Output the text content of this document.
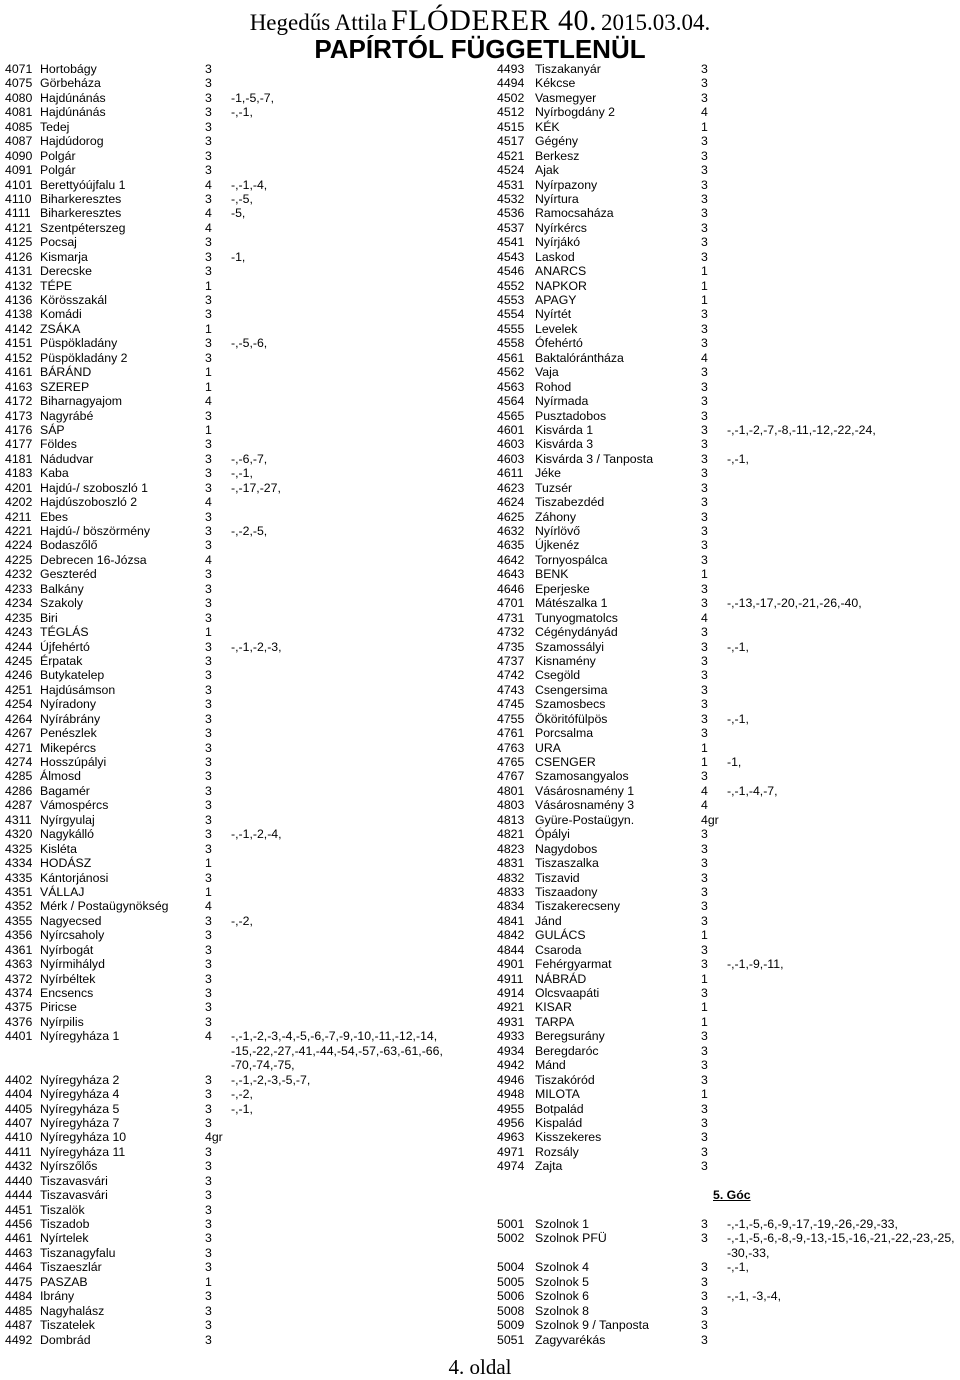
Hegedűs Attila FLÓDERER 40. 2015.03.04.
PAPÍRTÓL FÜGGETLENÜL
4071 Hortobágy	3
4075 Görbeháza	3
4080 Hajdúnánás	3 -1,-5,-7,
4081 Hajdúnánás	3 -,-1,
4085 Tedej	3
4087 Hajdúdorog	3
4090 Polgár	3
4091 Polgár	3
4101 Berettyóújfalu 1	4 -,-1,-4,
4110 Biharkeresztes	3 -,-5,
4111 Biharkeresztes	4 -5,
4121 Szentpéterszeg	4
4125 Pocsaj	3
4126 Kismarja	3 -1,
4131 Derecske	3
4132 TÉPE	1
4136 Körösszakál	3
4138 Komádi	3
4142 ZSÁKA	1
4151 Püspökladány	3 -,-5,-6,
4152 Püspökladány 2	3
4161 BÁRÁND	1
4163 SZEREP	1
4172 Biharnagyajom	4
4173 Nagyrábé	3
4176 SÁP	1
4177 Földes	3
4181 Nádudvar	3 -,-6,-7,
4183 Kaba	3 -,-1,
4201 Hajdú-/ szoboszló 1	3 -,-17,-27,
4202 Hajdúszoboszló 2	4
4211 Ebes	3
4221 Hajdú-/ böszörmény	3 -,-2,-5,
4224 Bodaszőlő	3
4225 Debrecen 16-Józsa	4
4232 Geszteréd	3
4233 Balkány	3
4234 Szakoly	3
4235 Biri	3
4243 TÉGLÁS	1
4244 Újfehértó	3 -,-1,-2,-3,
4245 Érpatak	3
4246 Butykatelep	3
4251 Hajdúsámson	3
4254 Nyíradony	3
4264 Nyírábrány	3
4267 Penészlek	3
4271 Mikepércs	3
4274 Hosszúpályi	3
4285 Álmosd	3
4286 Bagamér	3
4287 Vámospércs	3
4311 Nyírgyulaj	3
4320 Nagykálló	3 -,-1,-2,-4,
4325 Kisléta	3
4334 HODÁSZ	1
4335 Kántorjánosi	3
4351 VÁLLAJ	1
4352 Mérk / Postaügynökség	4
4355 Nagyecsed	3 -,-2,
4356 Nyírcsaholy	3
4361 Nyírbogát	3
4363 Nyírmihályd	3
4372 Nyírbéltek	3
4374 Encsencs	3
4375 Piricse	3
4376 Nyírpilis	3
4401 Nyíregyháza 1	4 -,-1,-2,-3,-4,-5,-6,-7,-9,-10,-11,-12,-14,
-15,-22,-27,-41,-44,-54,-57,-63,-61,-66,
-70,-74,-75,
4402 Nyíregyháza 2	3 -,-1,-2,-3,-5,-7,
4404 Nyíregyháza 4	3 -,-2,
4405 Nyíregyháza 5	3 -,-1,
4407 Nyíregyháza 7	3
4410 Nyíregyháza 10	4gr
4411 Nyíregyháza 11	3
4432 Nyírszőlős	3
4440 Tiszavasvári	3
4444 Tiszavasvári	3
4451 Tiszalök	3
4456 Tiszadob	3
4461 Nyírtelek	3
4463 Tiszanagyfalu	3
4464 Tiszaeszlár	3
4475 PASZAB	1
4484 Ibrány	3
4485 Nagyhalász	3
4487 Tiszatelek	3
4492 Dombrád	3
4493 Tiszakanyár	3
4494 Kékcse	3
4502 Vasmegyer	3
4512 Nyírbogdány 2	4
4515 KÉK	1
4517 Gégény	3
4521 Berkesz	3
4524 Ajak	3
4531 Nyírpazony	3
4532 Nyírtura	3
4536 Ramocsaháza	3
4537 Nyírkércs	3
4541 Nyírjákó	3
4543 Laskod	3
4546 ANARCS	1
4552 NAPKOR	1
4553 APAGY	1
4554 Nyírtét	3
4555 Levelek	3
4558 Ófehértó	3
4561 Baktalórántháza	4
4562 Vaja	3
4563 Rohod	3
4564 Nyírmada	3
4565 Pusztadobos	3
4601 Kisvárda 1	3 -,-1,-2,-7,-8,-11,-12,-22,-24,
4603 Kisvárda 3	3
4603 Kisvárda 3 / Tanposta	3 -,-1,
4611 Jéke	3
4623 Tuzsér	3
4624 Tiszabezdéd	3
4625 Záhony	3
4632 Nyírlövő	3
4635 Újkenéz	3
4642 Tornyospálca	3
4643 BENK	1
4646 Eperjeske	3
4701 Mátészalka 1	3 -,-13,-17,-20,-21,-26,-40,
4731 Tunyogmatolcs	4
4732 Cégénydányád	3
4735 Szamossályi	3 -,-1,
4737 Kisnamény	3
4742 Csegöld	3
4743 Csengersima	3
4745 Szamosbecs	3
4755 Ököritófülpös	3 -,-1,
4761 Porcsalma	3
4763 URA	1
4765 CSENGER	1 -1,
4767 Szamosangyalos	3
4801 Vásárosnamény 1	4 -,-1,-4,-7,
4803 Vásárosnamény 3	4
4813 Gyüre-Postaügyn.	4gr
4821 Ópályi	3
4823 Nagydobos	3
4831 Tiszaszalka	3
4832 Tiszavid	3
4833 Tiszaadony	3
4834 Tiszakerecseny	3
4841 Jánd	3
4842 GULÁCS	1
4844 Csaroda	3
4901 Fehérgyarmat	3 -,-1,-9,-11,
4911 NÁBRÁD	1
4914 Olcsvaapáti	3
4921 KISAR	1
4931 TARPA	1
4933 Beregsurány	3
4934 Beregdaróc	3
4942 Mánd	3
4946 Tiszakóród	3
4948 MILOTA	1
4955 Botpalád	3
4956 Kispalád	3
4963 Kisszekeres	3
4971 Rozsály	3
4974 Zajta	3
5. Góc
5001 Szolnok 1	3 -,-1,-5,-6,-9,-17,-19,-26,-29,-33,
5002 Szolnok PFÜ	3 -,-1,-5,-6,-8,-9,-13,-15,-16,-21,-22,-23,-25,
-30,-33,
5004 Szolnok 4	3 -,-1,
5005 Szolnok 5	3
5006 Szolnok 6	3 -,-1, -3,-4,
5008 Szolnok 8	3
5009 Szolnok 9 / Tanposta	3
5051 Zagyvarékás	3
4. oldal
